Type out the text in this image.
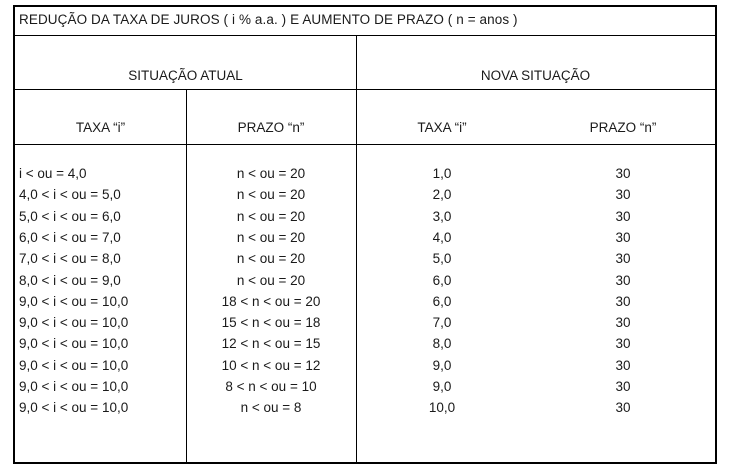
REDUÇÃO DA TAXA DE JUROS ( i % a.a. ) E AUMENTO DE PRAZO ( n = anos )
SITUAÇÃO ATUAL	NOVA SITUAÇÃO
TAXA “i”	PRAZO “n”	TAXA “i”	PRAZO “n”
i < ou = 4,0	n < ou = 20	1,0	30
4,0 < i < ou = 5,0	n < ou = 20	2,0	30
5,0 < i < ou = 6,0	n < ou = 20	3,0	30
6,0 < i < ou = 7,0	n < ou = 20	4,0	30
7,0 < i < ou = 8,0	n < ou = 20	5,0	30
8,0 < i < ou = 9,0	n < ou = 20	6,0	30
9,0 < i < ou = 10,0	18 < n < ou = 20	6,0	30
9,0 < i < ou = 10,0	15 < n < ou = 18	7,0	30
9,0 < i < ou = 10,0	12 < n < ou = 15	8,0	30
9,0 < i < ou = 10,0	10 < n < ou = 12	9,0	30
9,0 < i < ou = 10,0	8 < n < ou = 10	9,0	30
9,0 < i < ou = 10,0	n < ou = 8	10,0	30
